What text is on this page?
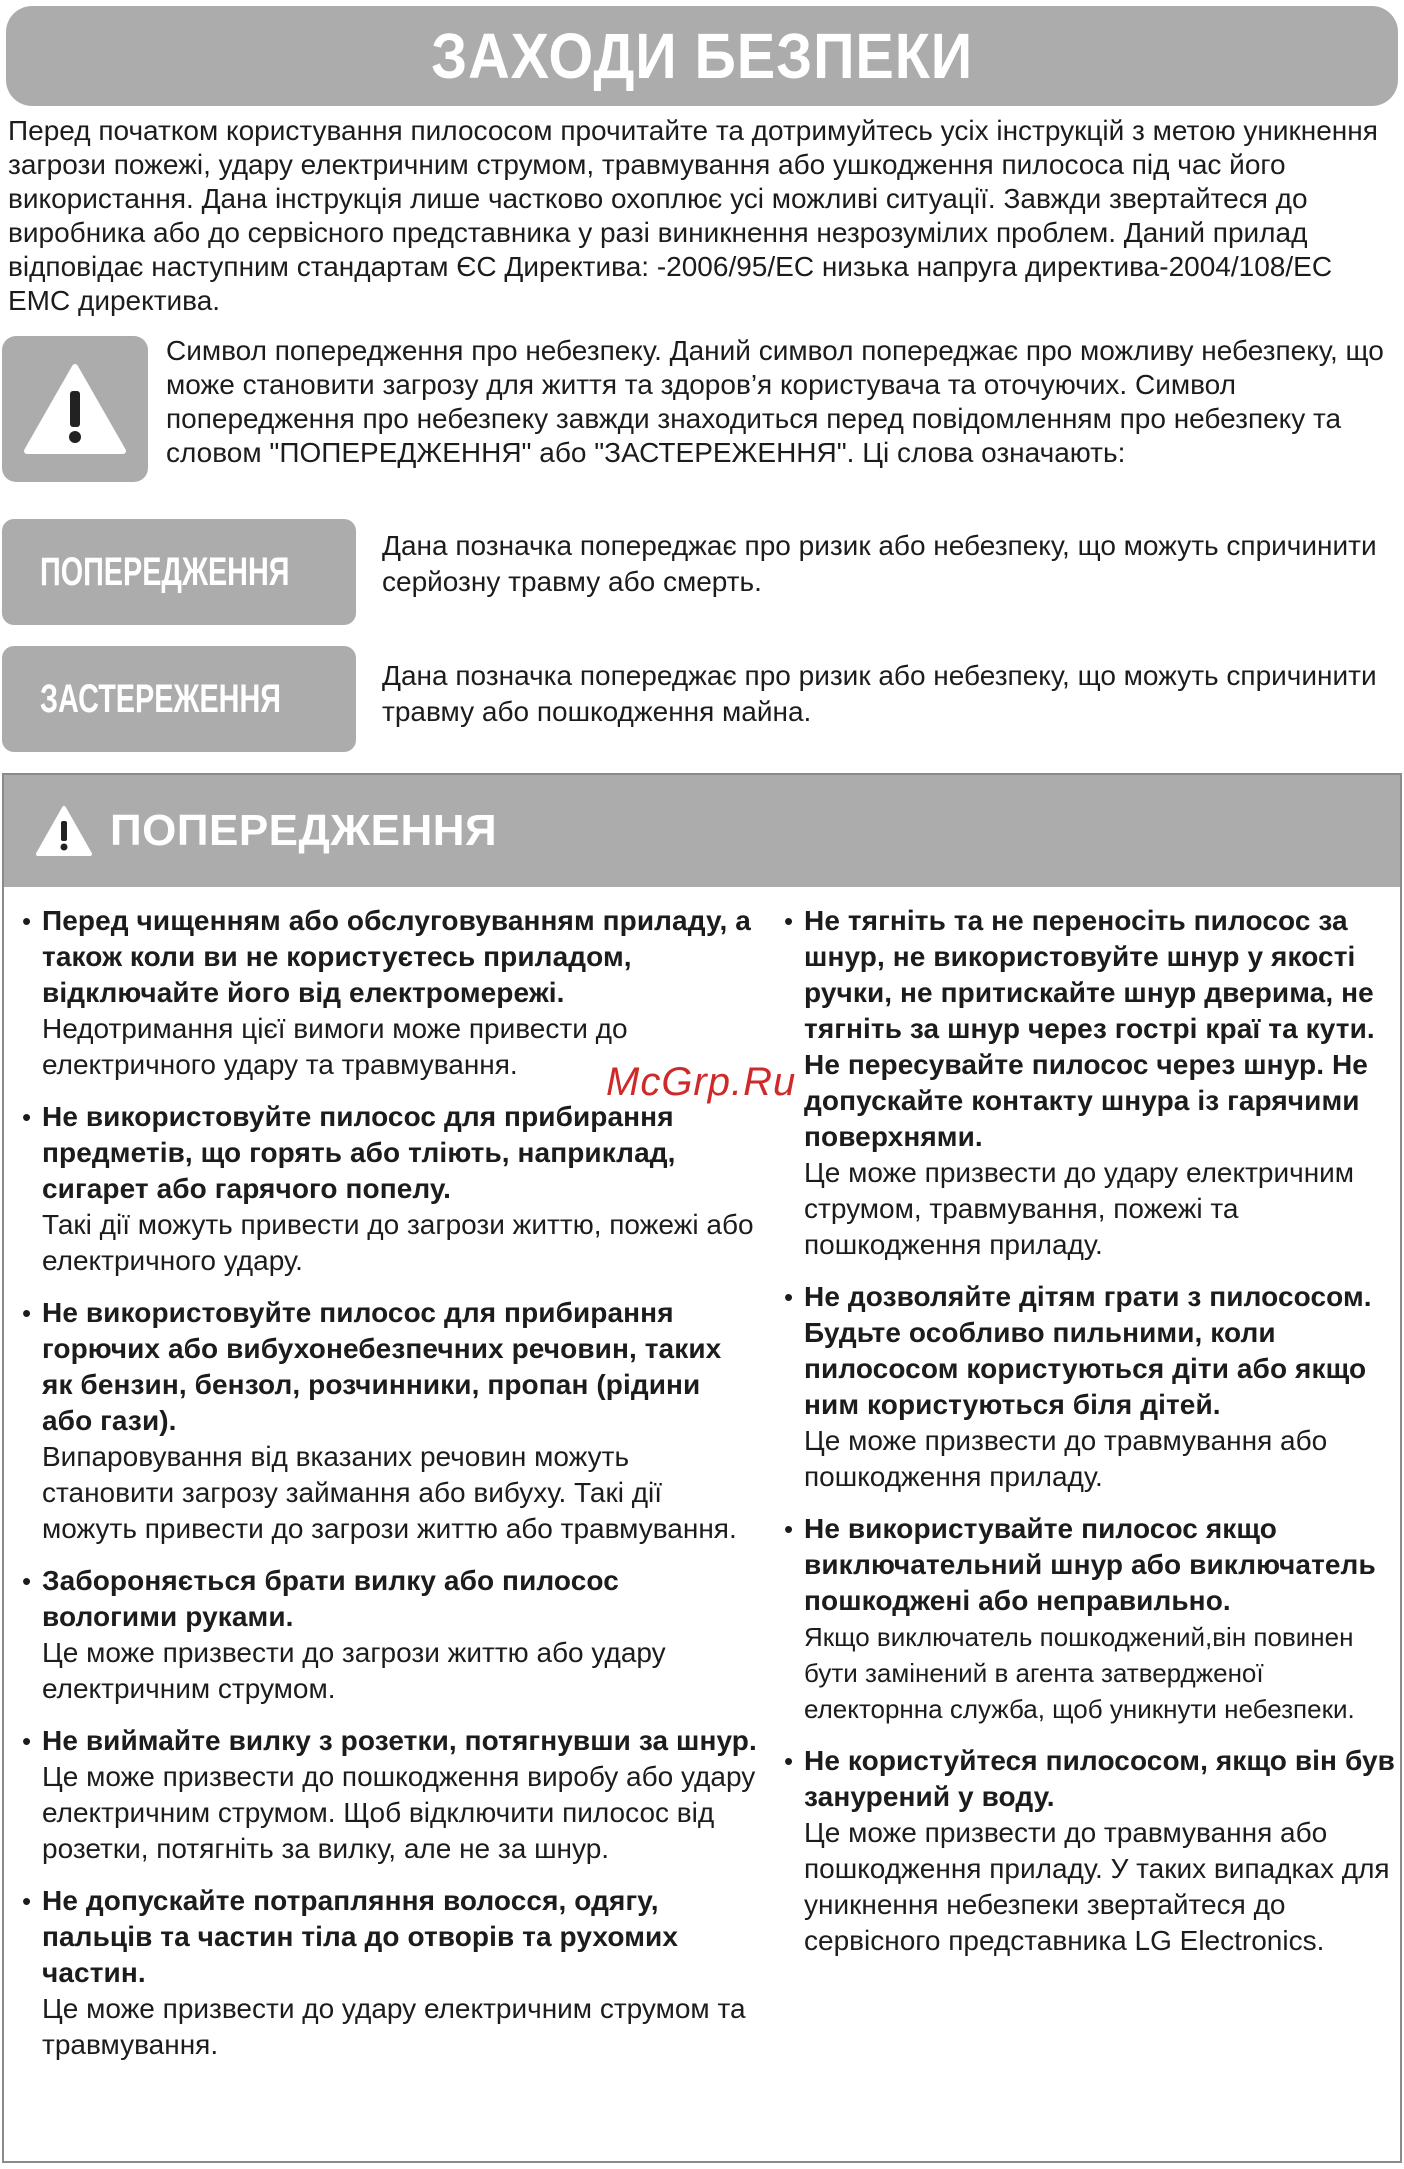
ЗАХОДИ БЕЗПЕКИ

Перед початком користування пилососом прочитайте та дотримуйтесь усіх інструкцій з метою уникнення загрози пожежі, удару електричним струмом, травмування або ушкодження пилососа під час його використання. Дана інструкція лише частково охоплює усі можливі ситуації. Завжди звертайтеся до виробника або до сервісного представника у разі виникнення незрозумілих проблем. Даний прилад відповідає наступним стандартам ЄС Директива: -2006/95/ЕС низька напруга директива-2004/108/ЕС ЕМС директива.

Символ попередження про небезпеку. Даний символ попереджає про можливу небезпеку, що може становити загрозу для життя та здоров’я користувача та оточуючих. Символ попередження про небезпеку завжди знаходиться перед повідомленням про небезпеку та словом "ПОПЕРЕДЖЕННЯ" або "ЗАСТЕРЕЖЕННЯ". Ці слова означають:

ПОПЕРЕДЖЕННЯ

Дана позначка попереджає про ризик або небезпеку, що можуть спричинити серйозну травму або смерть.

ЗАСТЕРЕЖЕННЯ

Дана позначка попереджає про ризик або небезпеку, що можуть спричинити травму або пошкодження майна.

ПОПЕРЕДЖЕННЯ
• Перед чищенням або обслуговуванням приладу, а також коли ви не користуєтесь приладом, відключайте його від електромережі.
Недотримання цієї вимоги може привести до електричного удару та травмування.
• Не використовуйте пилосос для прибирання предметів, що горять або тліють, наприклад, сигарет або гарячого попелу.
Такі дії можуть привести до загрози життю, пожежі або електричного удару.
• Не використовуйте пилосос для прибирання горючих або вибухонебезпечних речовин, таких як бензин, бензол, розчинники, пропан (рідини або гази).
Випаровування від вказаних речовин можуть становити загрозу займання або вибуху. Такі дії можуть привести до загрози життю або травмування.
• Забороняється брати вилку або пилосос вологими руками.
Це може призвести до загрози життю або удару електричним струмом.
• Не виймайте вилку з розетки, потягнувши за шнур.
Це може призвести до пошкодження виробу або удару електричним струмом. Щоб відключити пилосос від розетки, потягніть за вилку, але не за шнур.
• Не допускайте потрапляння волосся, одягу, пальців та частин тіла до отворів та рухомих частин.
Це може призвести до удару електричним струмом та травмування.
• Не тягніть та не переносіть пилосос за шнур, не використовуйте шнур у якості ручки, не притискайте шнур дверима, не тягніть за шнур через гострі краї та кути. Не пересувайте пилосос через шнур. Не допускайте контакту шнура із гарячими поверхнями.
Це може призвести до удару електричним струмом, травмування, пожежі та пошкодження приладу.
• Не дозволяйте дітям грати з пилососом. Будьте особливо пильними, коли пилососом користуються діти або якщо ним користуються біля дітей.
Це може призвести до травмування або пошкодження приладу.
• Не використувайте пилосос якщо виключательний шнур або виключатель пошкоджені або неправильно.
Якщо виключатель пошкоджений,він повинен бути замінений в агента затвердженої електорнна служба, щоб уникнути небезпеки.
• Не користуйтеся пилососом, якщо він був занурений у воду.
Це може призвести до травмування або пошкодження приладу. У таких випадках для уникнення небезпеки звертайтеся до сервісного представника LG Electronics.
McGrp.Ru
